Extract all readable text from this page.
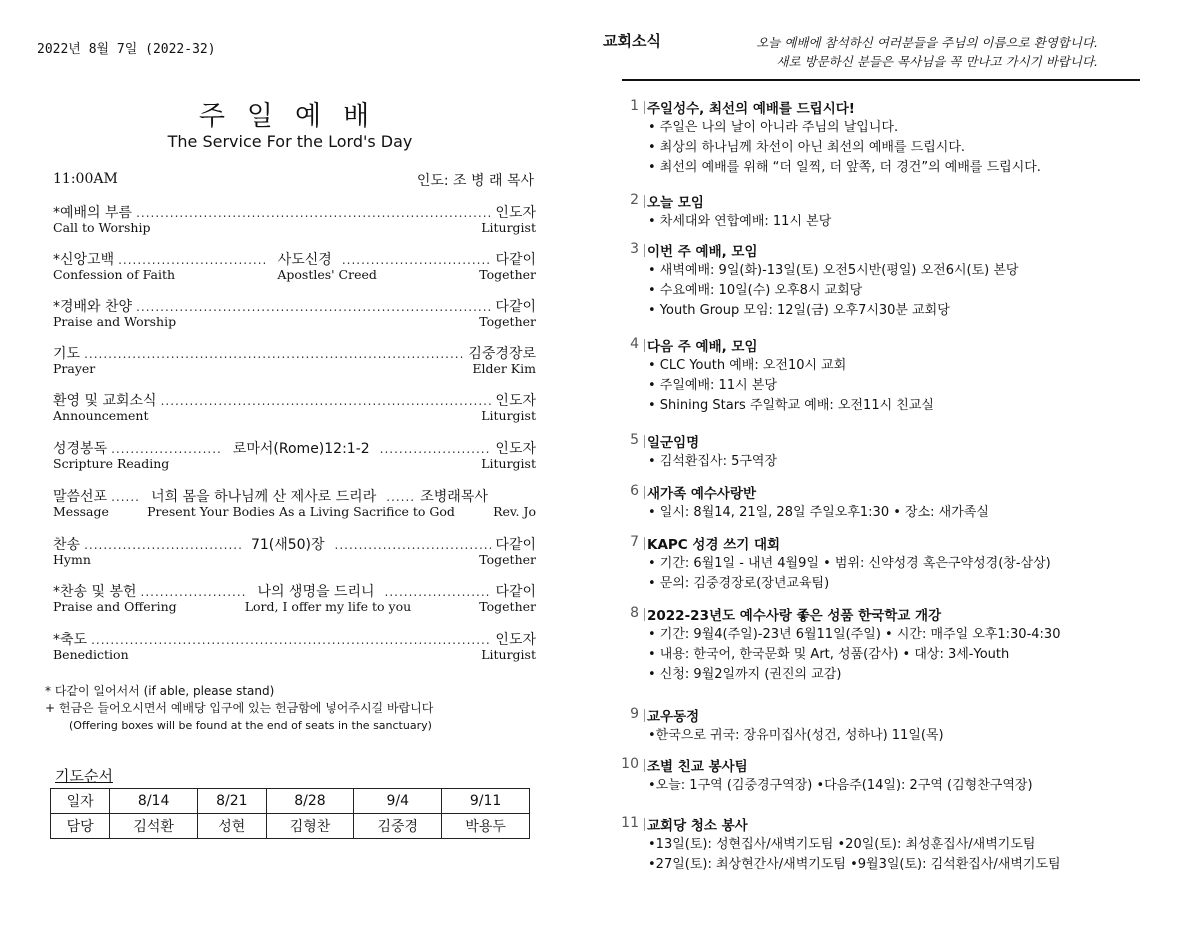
2022년 8월 7일 (2022-32)
주일예배
The Service For the Lord's Day
11:00AM	인도: 조 병 래 목사
*예배의 부름 .....	인도자
Call to Worship	Liturgist
*신앙고백 .....	사도신경 .....	다같이
Confession of Faith	Apostles' Creed	Together
*경배와 찬양 .....	다같이
Praise and Worship	Together
기도 .....	김중경장로
Prayer	Elder Kim
환영 및 교회소식 .....	인도자
Announcement	Liturgist
성경봉독 .....	로마서(Rome)12:1-2 .....	인도자
Scripture Reading	Liturgist
말씀선포 .....	너희 몸을 하나님께 산 제사로 드리라 .....	조병래목사
Message	Present Your Bodies As a Living Sacrifice to God	Rev. Jo
찬송 .....	71(새50)장 .....	다같이
Hymn	Together
*찬송 및 봉헌 .....	나의 생명을 드리니 .....	다같이
Praise and Offering	Lord, I offer my life to you	Together
*축도 .....	인도자
Benediction	Liturgist
* 다같이 일어서서 (if able, please stand)
+ 헌금은 들어오시면서 예배당 입구에 있는 헌금함에 넣어주시길 바랍니다
(Offering boxes will be found at the end of seats in the sanctuary)
기도순서
일자	8/14	8/21	8/28	9/4	9/11
담당	김석환	성현	김형찬	김중경	박용두
교회소식	오늘 예배에 참석하신 여러분들을 주님의 이름으로 환영합니다.
새로 방문하신 분들은 목사님을 꼭 만나고 가시기 바랍니다.
1 주일성수, 최선의 예배를 드립시다!
• 주일은 나의 날이 아니라 주님의 날입니다.
• 최상의 하나님께 차선이 아닌 최선의 예배를 드립시다.
• 최선의 예배를 위해 “더 일찍, 더 앞쪽, 더 경건”의 예배를 드립시다.
2 오늘 모임
• 차세대와 연합예배: 11시 본당
3 이번 주 예배, 모임
• 새벽예배: 9일(화)-13일(토) 오전5시반(평일) 오전6시(토) 본당
• 수요예배: 10일(수) 오후8시 교회당
• Youth Group 모임: 12일(금) 오후7시30분 교회당
4 다음 주 예배, 모임
• CLC Youth 예배: 오전10시 교회
• 주일예배: 11시 본당
• Shining Stars 주일학교 예배: 오전11시 친교실
5 일군임명
• 김석환집사: 5구역장
6 새가족 예수사랑반
• 일시: 8월14, 21일, 28일 주일오후1:30 • 장소: 새가족실
7 KAPC 성경 쓰기 대회
• 기간: 6월1일 - 내년 4월9일 • 범위: 신약성경 혹은구약성경(창-삼상)
• 문의: 김중경장로(장년교육팀)
8 2022-23년도 예수사랑 좋은 성품 한국학교 개강
• 기간: 9월4(주일)-23년 6월11일(주일) • 시간: 매주일 오후1:30-4:30
• 내용: 한국어, 한국문화 및 Art, 성품(감사) • 대상: 3세-Youth
• 신청: 9월2일까지 (권진의 교감)
9 교우동정
•한국으로 귀국: 장유미집사(성건, 성하나) 11일(목)
10 조별 친교 봉사팀
•오늘: 1구역 (김중경구역장) •다음주(14일): 2구역 (김형찬구역장)
11 교회당 청소 봉사
•13일(토): 성현집사/새벽기도팀 •20일(토): 최성훈집사/새벽기도팀
•27일(토): 최상현간사/새벽기도팀 •9월3일(토): 김석환집사/새벽기도팀
